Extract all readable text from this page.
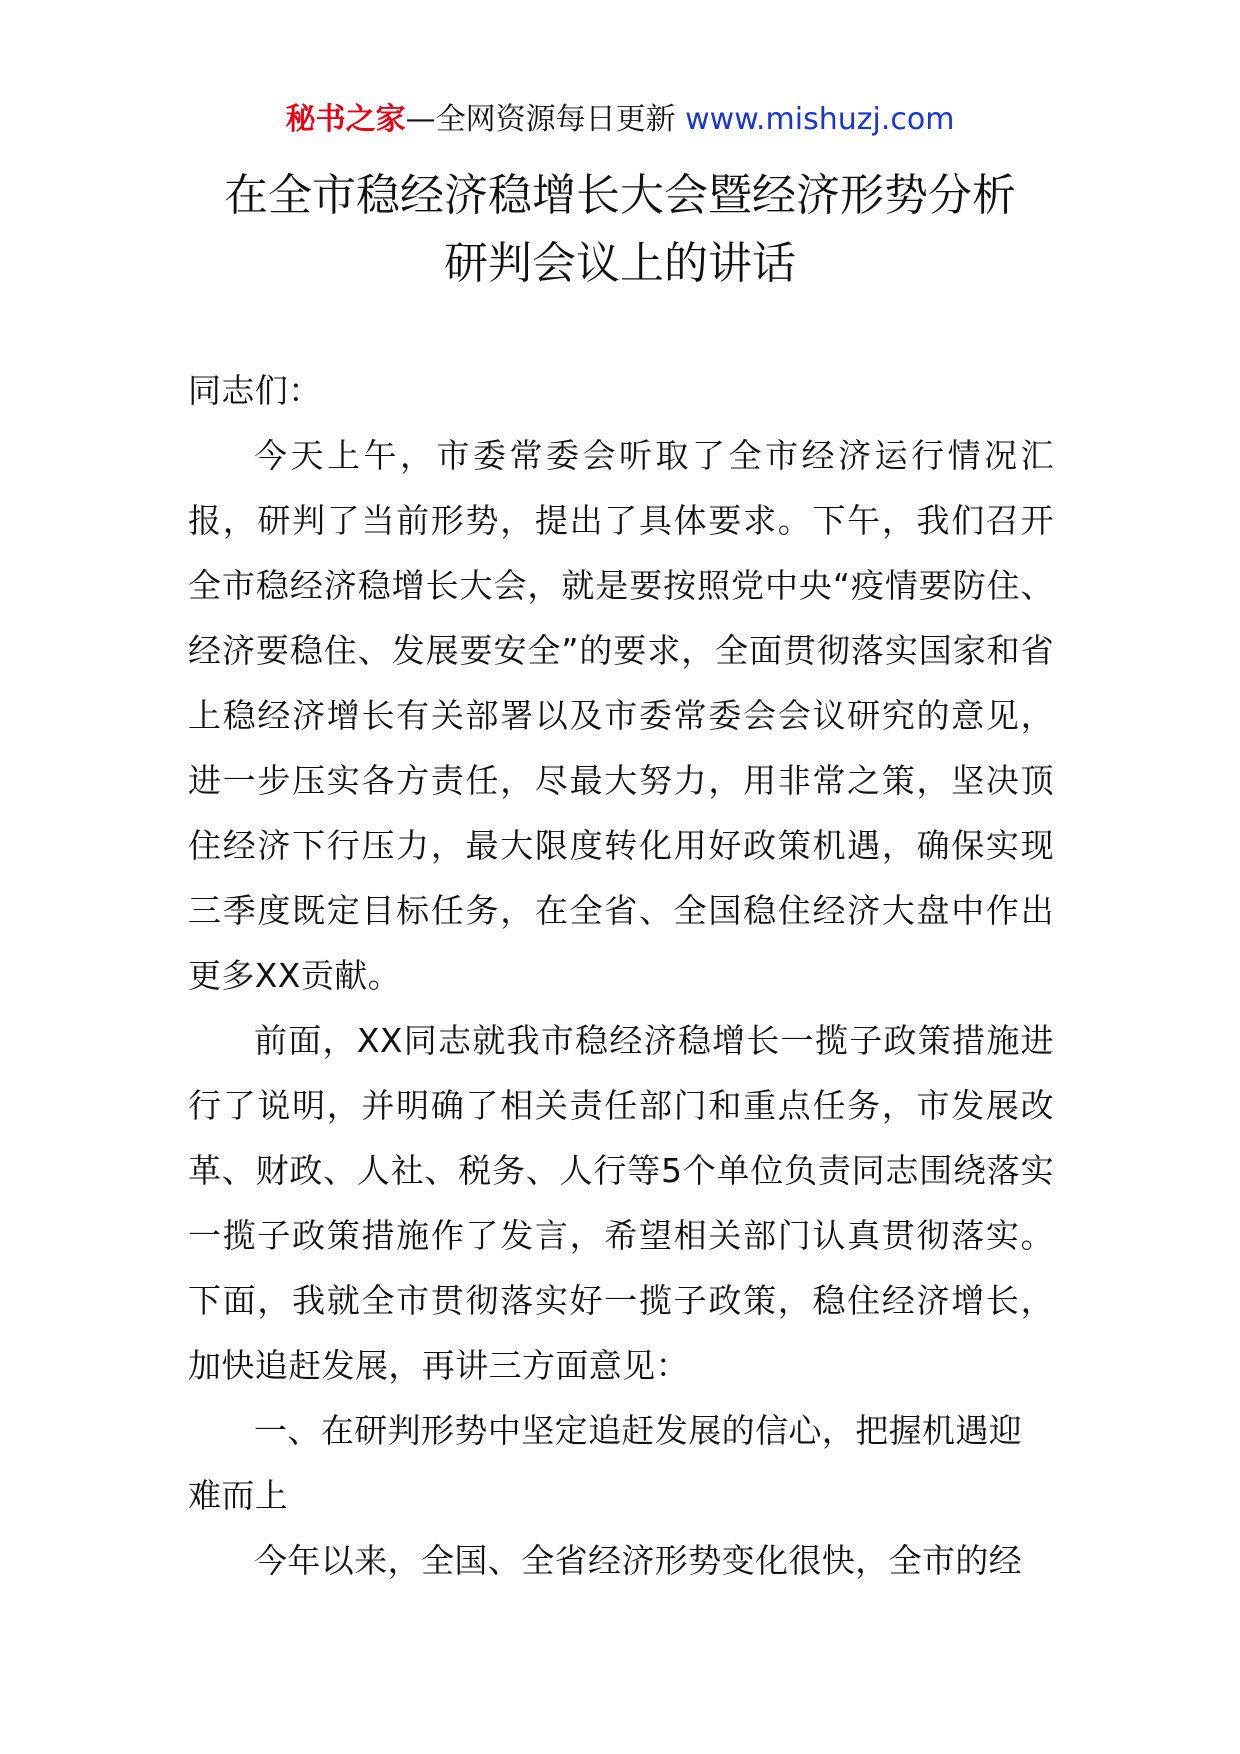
秘书之家—全网资源每日更新 www.mishuzj.com
在全市稳经济稳增长大会暨经济形势分析
研判会议上的讲话

同志们：

今天上午，市委常委会听取了全市经济运行情况汇报，研判了当前形势，提出了具体要求。下午，我们召开全市稳经济稳增长大会，就是要按照党中央“疫情要防住、经济要稳住、发展要安全”的要求，全面贯彻落实国家和省上稳经济增长有关部署以及市委常委会会议研究的意见，进一步压实各方责任，尽最大努力，用非常之策，坚决顶住经济下行压力，最大限度转化用好政策机遇，确保实现三季度既定目标任务，在全省、全国稳住经济大盘中作出更多XX贡献。

前面，XX同志就我市稳经济稳增长一揽子政策措施进行了说明，并明确了相关责任部门和重点任务，市发展改革、财政、人社、税务、人行等5个单位负责同志围绕落实一揽子政策措施作了发言，希望相关部门认真贯彻落实。下面，我就全市贯彻落实好一揽子政策，稳住经济增长，加快追赶发展，再讲三方面意见：

一、在研判形势中坚定追赶发展的信心，把握机遇迎难而上

今年以来，全国、全省经济形势变化很快，全市的经
